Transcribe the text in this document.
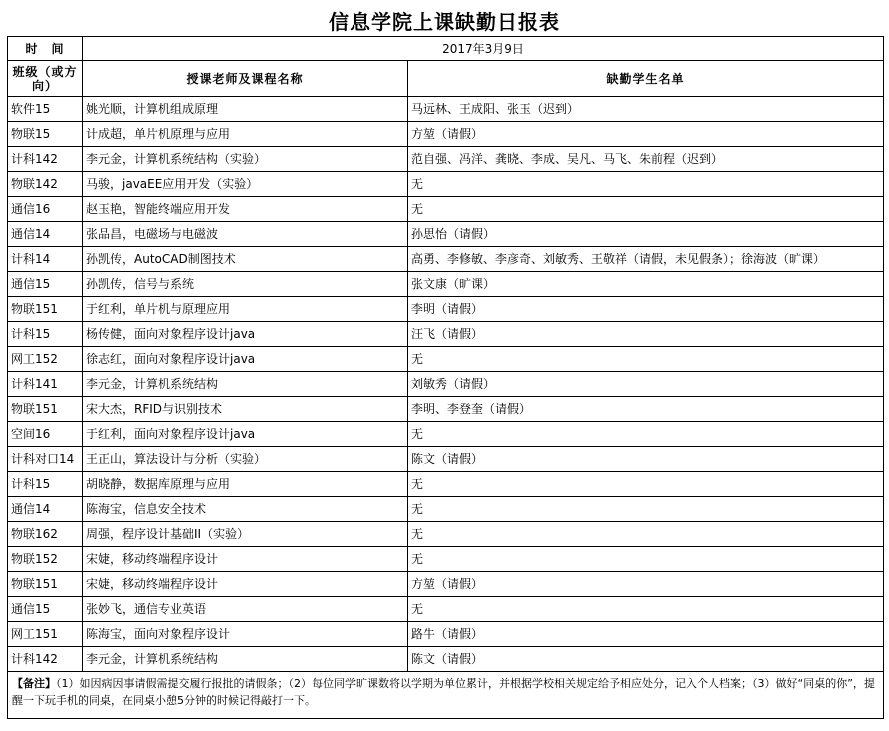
信息学院上课缺勤日报表
时　间	2017年3月9日	
班级（或方向）	授课老师及课程名称	缺勤学生名单
软件15	姚光顺，计算机组成原理	马远林、王成阳、张玉（迟到）
物联15	计成超，单片机原理与应用	方堃（请假）
计科142	李元金，计算机系统结构（实验）	范自强、冯洋、龚晓、李成、吴凡、马飞、朱前程（迟到）
物联142	马骏，javaEE应用开发（实验）	无
通信16	赵玉艳，智能终端应用开发	无
通信14	张品昌，电磁场与电磁波	孙思怡（请假）
计科14	孙凯传，AutoCAD制图技术	高勇、李修敏、李彦奇、刘敏秀、王敬祥（请假，未见假条）；徐海波（旷课）
通信15	孙凯传，信号与系统	张文康（旷课）
物联151	于红利，单片机与原理应用	李明（请假）
计科15	杨传健，面向对象程序设计java	汪飞（请假）
网工152	徐志红，面向对象程序设计java	无
计科141	李元金，计算机系统结构	刘敏秀（请假）
物联151	宋大杰，RFID与识别技术	李明、李登奎（请假）
空间16	于红利，面向对象程序设计java	无
计科对口14	王正山，算法设计与分析（实验）	陈文（请假）
计科15	胡晓静，数据库原理与应用	无
通信14	陈海宝，信息安全技术	无
物联162	周强，程序设计基础II（实验）	无
物联152	宋婕，移动终端程序设计	无
物联151	宋婕，移动终端程序设计	方堃（请假）
通信15	张妙飞，通信专业英语	无
网工151	陈海宝，面向对象程序设计	路牛（请假）
计科142	李元金，计算机系统结构	陈文（请假）
【备注】（1）如因病因事请假需提交履行报批的请假条；（2）每位同学旷课数将以学期为单位累计，并根据学校相关规定给予相应处分，记入个人档案；（3）做好“同桌的你”，提醒一下玩手机的同桌，在同桌小憩5分钟的时候记得敲打一下。		
